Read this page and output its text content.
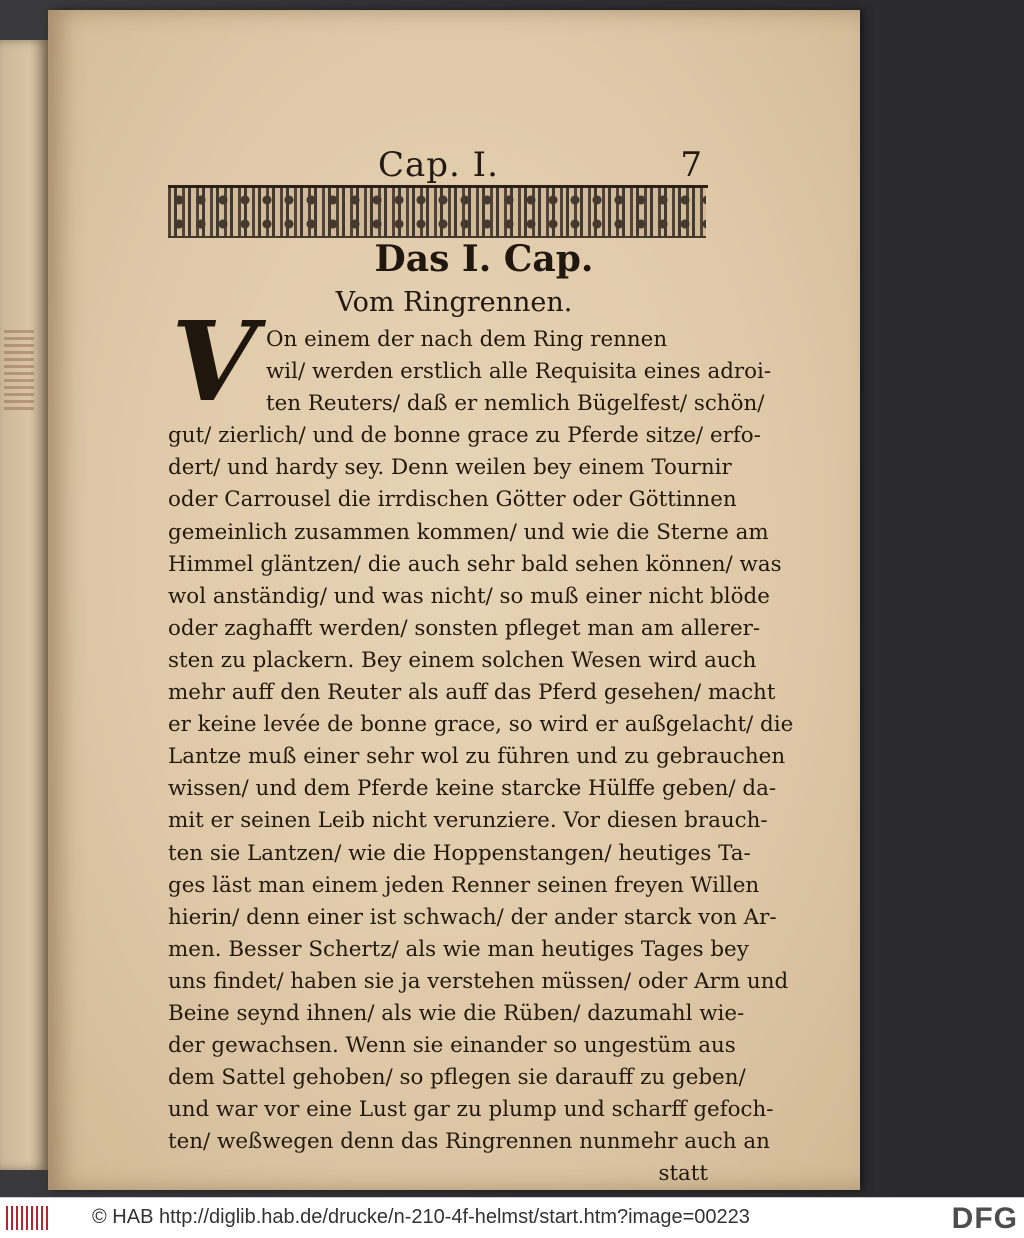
Cap. I.	7
Das I. Cap.
Vom Ringrennen.
V On einem der nach dem Ring rennen
wil/ werden erstlich alle Requisita eines adroi-
ten Reuters/ daß er nemlich Bügelfest/ schön/
gut/ zierlich/ und de bonne grace zu Pferde sitze/ erfo-
dert/ und hardy sey. Denn weilen bey einem Tournir
oder Carrousel die irrdischen Götter oder Göttinnen
gemeinlich zusammen kommen/ und wie die Sterne am
Himmel gläntzen/ die auch sehr bald sehen können/ was
wol anständig/ und was nicht/ so muß einer nicht blöde
oder zaghafft werden/ sonsten pfleget man am allerer-
sten zu plackern. Bey einem solchen Wesen wird auch
mehr auff den Reuter als auff das Pferd gesehen/ macht
er keine levée de bonne grace, so wird er außgelacht/ die
Lantze muß einer sehr wol zu führen und zu gebrauchen
wissen/ und dem Pferde keine starcke Hülffe geben/ da-
mit er seinen Leib nicht verunziere. Vor diesen brauch-
ten sie Lantzen/ wie die Hoppenstangen/ heutiges Ta-
ges läst man einem jeden Renner seinen freyen Willen
hierin/ denn einer ist schwach/ der ander starck von Ar-
men. Besser Schertz/ als wie man heutiges Tages bey
uns findet/ haben sie ja verstehen müssen/ oder Arm und
Beine seynd ihnen/ als wie die Rüben/ dazumahl wie-
der gewachsen. Wenn sie einander so ungestüm aus
dem Sattel gehoben/ so pflegen sie darauff zu geben/
und war vor eine Lust gar zu plump und scharff gefoch-
ten/ weßwegen denn das Ringrennen nunmehr auch an
statt
© HAB http://diglib.hab.de/drucke/n-210-4f-helmst/start.htm?image=00223	DFG
